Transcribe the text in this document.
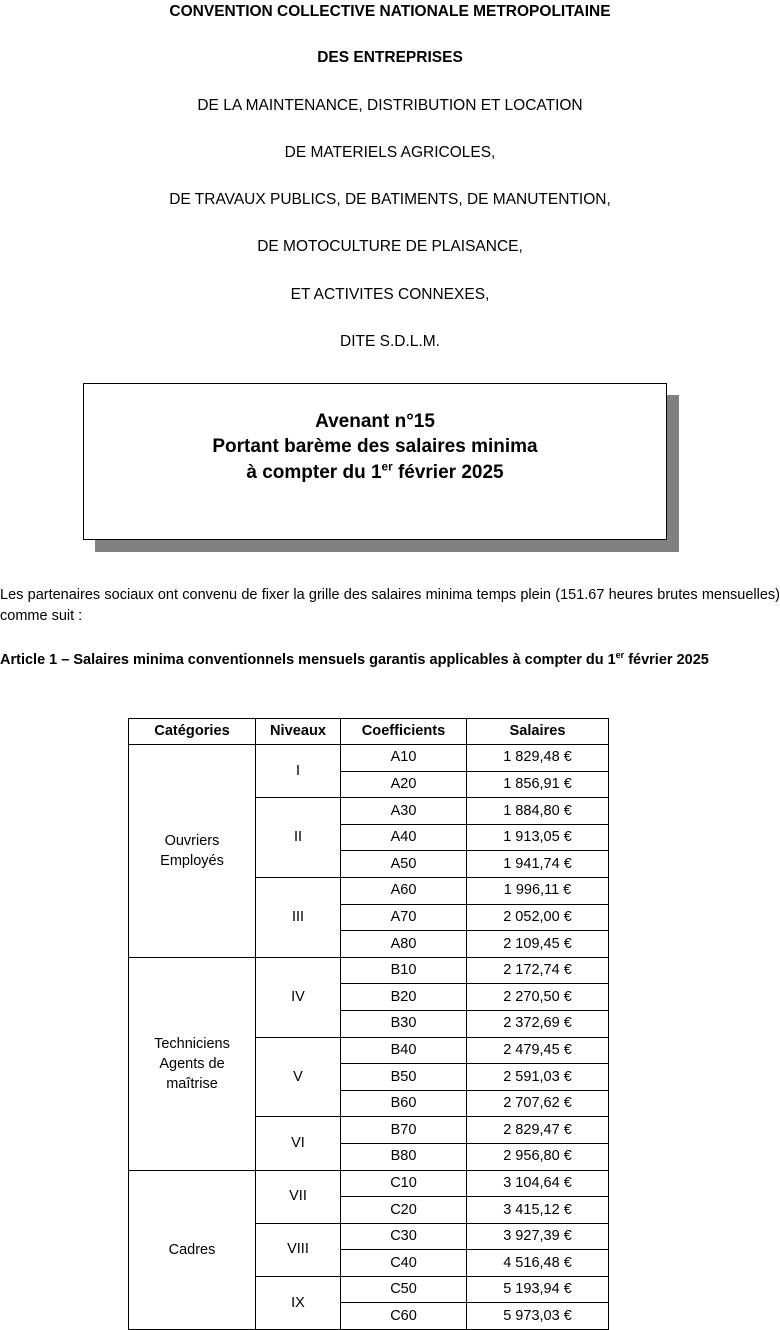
CONVENTION COLLECTIVE NATIONALE METROPOLITAINE
DES ENTREPRISES
DE LA MAINTENANCE, DISTRIBUTION ET LOCATION
DE MATERIELS AGRICOLES,
DE TRAVAUX PUBLICS, DE BATIMENTS, DE MANUTENTION,
DE MOTOCULTURE DE PLAISANCE,
ET ACTIVITES CONNEXES,
DITE S.D.L.M.
Avenant n°15
Portant barème des salaires minima
à compter du 1er février 2025
Les partenaires sociaux ont convenu de fixer la grille des salaires minima temps plein (151.67 heures brutes mensuelles) comme suit :
Article 1 – Salaires minima conventionnels mensuels garantis applicables à compter du 1er février 2025
Catégories	Niveaux	Coefficients	Salaires

Ouvriers
Employés	I	A10	1 829,48 €
		A20	1 856,91 €
	II	A30	1 884,80 €
		A40	1 913,05 €
		A50	1 941,74 €
	III	A60	1 996,11 €
		A70	2 052,00 €
		A80	2 109,45 €

Techniciens
Agents de
maîtrise	IV	B10	2 172,74 €
		B20	2 270,50 €
		B30	2 372,69 €
	V	B40	2 479,45 €
		B50	2 591,03 €
		B60	2 707,62 €
	VI	B70	2 829,47 €
		B80	2 956,80 €

Cadres	VII	C10	3 104,64 €
		C20	3 415,12 €
	VIII	C30	3 927,39 €
		C40	4 516,48 €
	IX	C50	5 193,94 €
		C60	5 973,03 €
